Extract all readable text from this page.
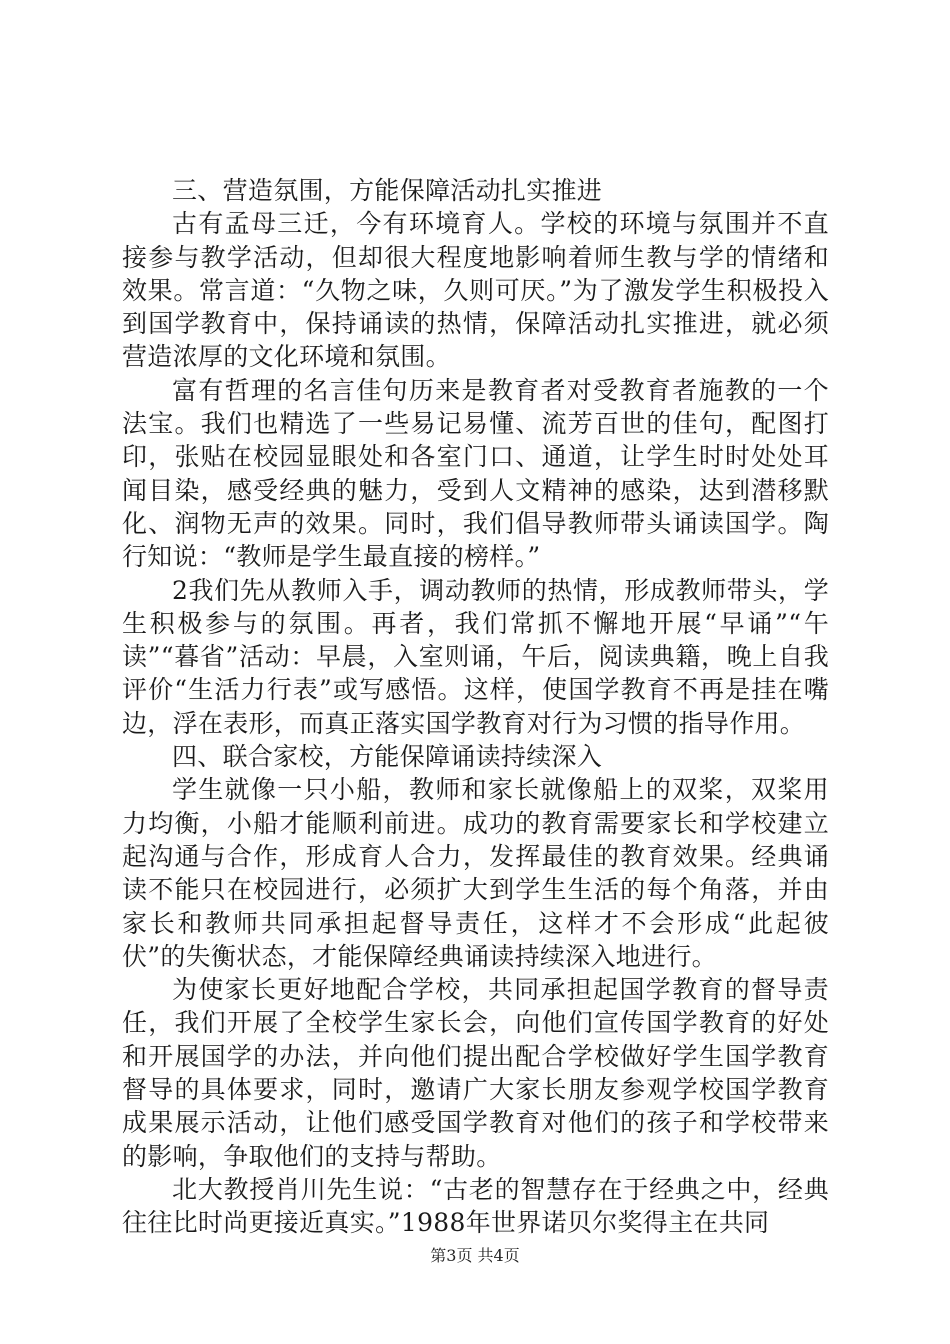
三、营造氛围，方能保障活动扎实推进

古有孟母三迁，今有环境育人。学校的环境与氛围并不直接参与教学活动，但却很大程度地影响着师生教与学的情绪和效果。常言道：“久物之味，久则可厌。”为了激发学生积极投入到国学教育中，保持诵读的热情，保障活动扎实推进，就必须营造浓厚的文化环境和氛围。

富有哲理的名言佳句历来是教育者对受教育者施教的一个法宝。我们也精选了一些易记易懂、流芳百世的佳句，配图打印，张贴在校园显眼处和各室门口、通道，让学生时时处处耳闻目染，感受经典的魅力，受到人文精神的感染，达到潜移默化、润物无声的效果。同时，我们倡导教师带头诵读国学。陶行知说：“教师是学生最直接的榜样。”

2我们先从教师入手，调动教师的热情，形成教师带头，学生积极参与的氛围。再者，我们常抓不懈地开展“早诵”“午读”“暮省”活动：早晨，入室则诵，午后，阅读典籍，晚上自我评价“生活力行表”或写感悟。这样，使国学教育不再是挂在嘴边，浮在表形，而真正落实国学教育对行为习惯的指导作用。

四、联合家校，方能保障诵读持续深入

学生就像一只小船，教师和家长就像船上的双桨，双桨用力均衡，小船才能顺利前进。成功的教育需要家长和学校建立起沟通与合作，形成育人合力，发挥最佳的教育效果。经典诵读不能只在校园进行，必须扩大到学生生活的每个角落，并由家长和教师共同承担起督导责任，这样才不会形成“此起彼伏”的失衡状态，才能保障经典诵读持续深入地进行。

为使家长更好地配合学校，共同承担起国学教育的督导责任，我们开展了全校学生家长会，向他们宣传国学教育的好处和开展国学的办法，并向他们提出配合学校做好学生国学教育督导的具体要求，同时，邀请广大家长朋友参观学校国学教育成果展示活动，让他们感受国学教育对他们的孩子和学校带来的影响，争取他们的支持与帮助。

北大教授肖川先生说：“古老的智慧存在于经典之中，经典往往比时尚更接近真实。”1988年世界诺贝尔奖得主在共同

第3页 共4页
